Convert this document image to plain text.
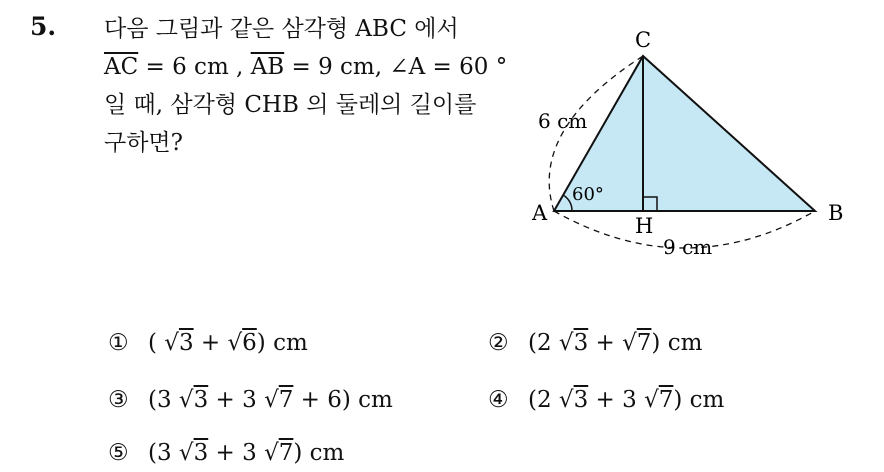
5. 다음 그림과 같은 삼각형 ABC 에서
$\overline{AC} = 6$ cm , $\overline{AB} = 9$ cm, ∠A = 60 °
일 때, 삼각형 CHB 의 둘레의 길이를
구하면?
C
A	B
H
6 cm
9 cm
60°
① ( √3 + √6) cm	② (2 √3 + √7) cm
③ (3 √3 + 3 √7 + 6) cm	④ (2 √3 + 3 √7) cm
⑤ (3 √3 + 3 √7) cm
